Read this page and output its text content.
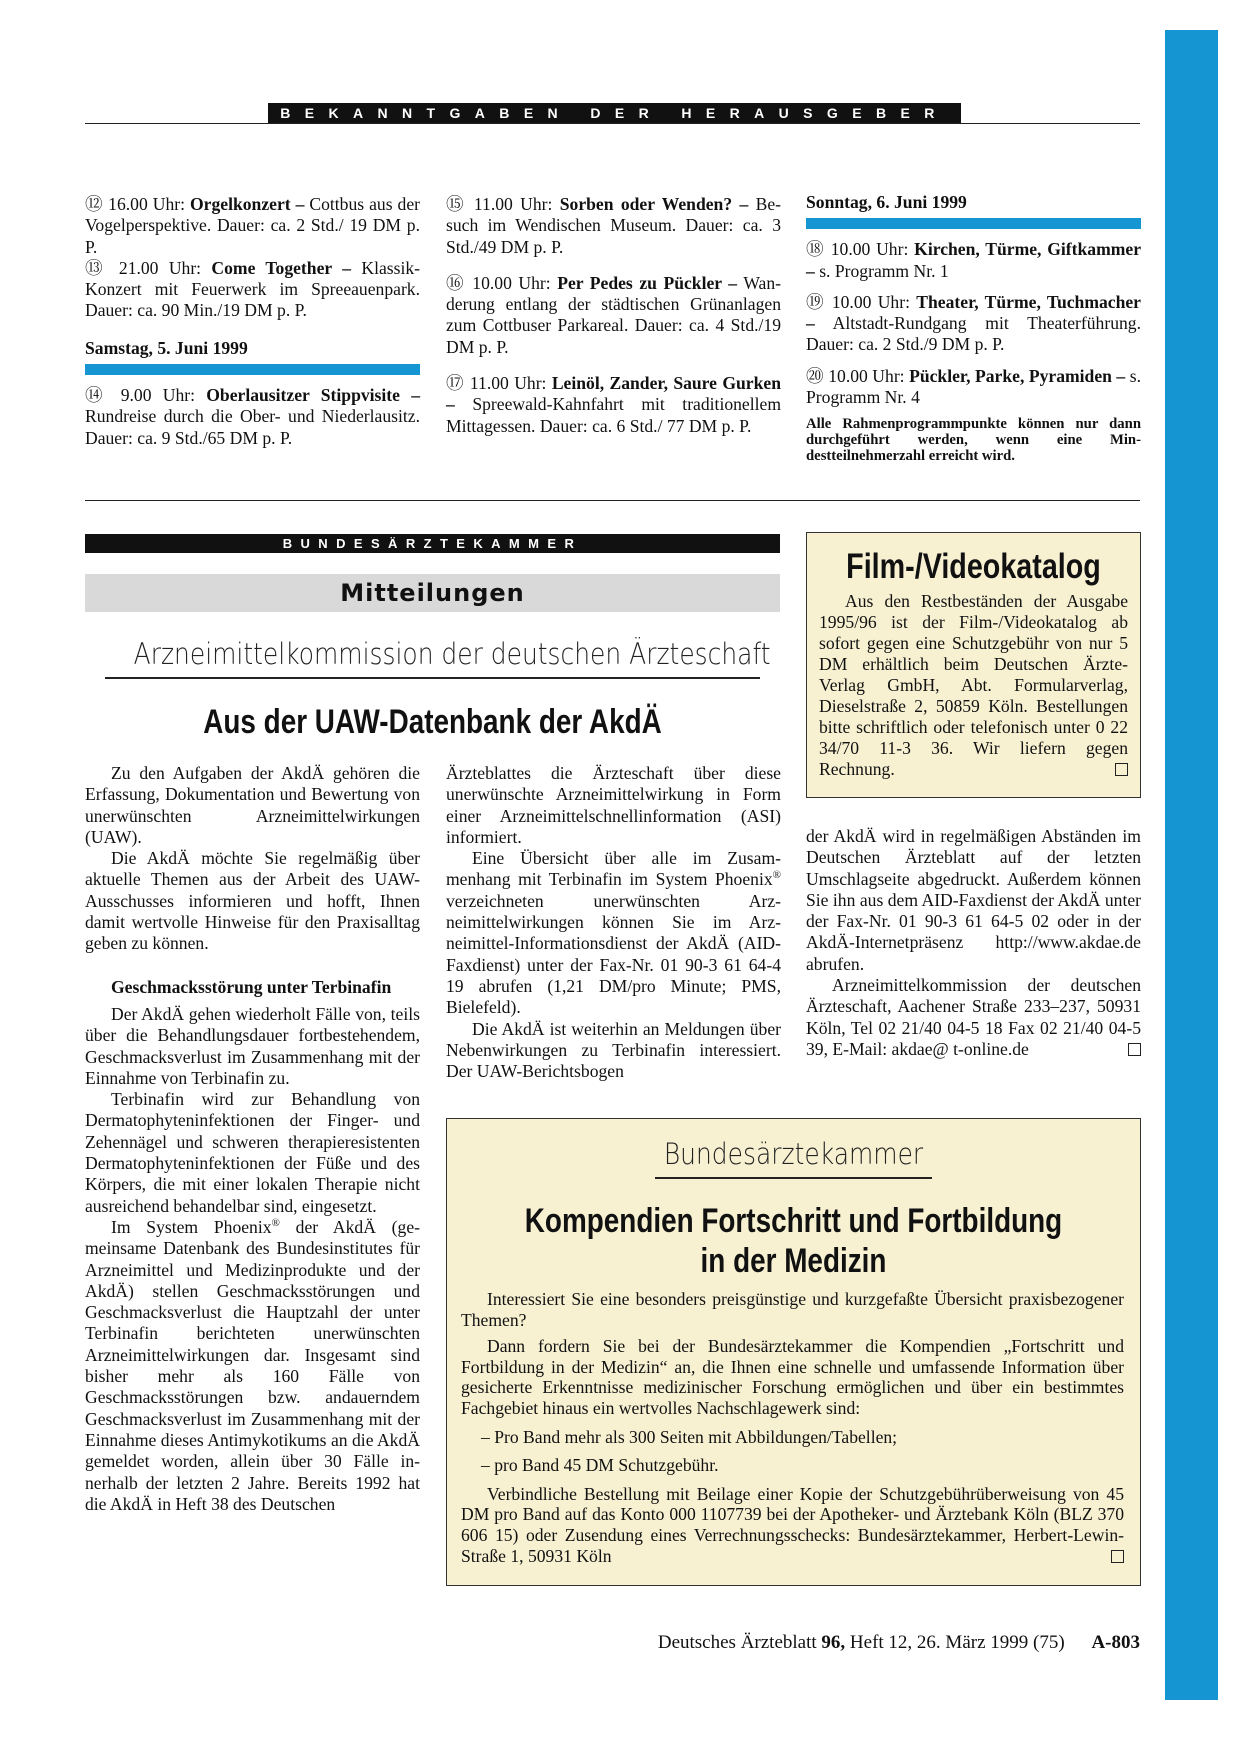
BEKANNTGABEN DER HERAUSGEBER

⑫ 16.00 Uhr: Orgelkonzert – Cottbus aus der Vogelperspektive. Dauer: ca. 2 Std./ 19 DM p. P.

⑬ 21.00 Uhr: Come Together – Klassik-Konzert mit Feuerwerk im Spreeauenpark. Dauer: ca. 90 Min./19 DM p. P.

Samstag, 5. Juni 1999

⑭ 9.00 Uhr: Oberlausitzer Stippvisite – Rundreise durch die Ober- und Niederlausitz. Dauer: ca. 9 Std./65 DM p. P.

⑮ 11.00 Uhr: Sorben oder Wenden? – Besuch im Wendischen Museum. Dauer: ca. 3 Std./49 DM p. P.

⑯ 10.00 Uhr: Per Pedes zu Pückler – Wanderung entlang der städtischen Grünanlagen zum Cottbuser Parkareal. Dauer: ca. 4 Std./19 DM p. P.

⑰ 11.00 Uhr: Leinöl, Zander, Saure Gurken – Spreewald-Kahnfahrt mit traditionellem Mittagessen. Dauer: ca. 6 Std./ 77 DM p. P.

Sonntag, 6. Juni 1999

⑱ 10.00 Uhr: Kirchen, Türme, Giftkammer – s. Programm Nr. 1

⑲ 10.00 Uhr: Theater, Türme, Tuchmacher – Altstadt-Rundgang mit Theaterführung. Dauer: ca. 2 Std./9 DM p. P.

⑳ 10.00 Uhr: Pückler, Parke, Pyramiden – s. Programm Nr. 4

Alle Rahmenprogrammpunkte können nur dann durchgeführt werden, wenn eine Mindestteilnehmerzahl erreicht wird.

BUNDESÄRZTEKAMMER
Mitteilungen
Arzneimittelkommission der deutschen Ärzteschaft
Aus der UAW-Datenbank der AkdÄ

Zu den Aufgaben der AkdÄ gehören die Erfassung, Dokumentation und Bewertung von unerwünschten Arzneimittelwirkungen (UAW).

Die AkdÄ möchte Sie regelmäßig über aktuelle Themen aus der Arbeit des UAW-Ausschusses informieren und hofft, Ihnen damit wertvolle Hinweise für den Praxisalltag geben zu können.

Geschmacksstörung unter Terbinafin

Der AkdÄ gehen wiederholt Fälle von, teils über die Behandlungsdauer fortbestehendem, Geschmacksverlust im Zusammenhang mit der Einnahme von Terbinafin zu.

Terbinafin wird zur Behandlung von Dermatophyteninfektionen der Finger- und Zehennägel und schweren therapieresistenten Dermatophyteninfektionen der Füße und des Körpers, die mit einer lokalen Therapie nicht ausreichend behandelbar sind, eingesetzt.

Im System Phoenix® der AkdÄ (gemeinsame Datenbank des Bundesinstitutes für Arzneimittel und Medizinprodukte und der AkdÄ) stellen Geschmacksstörungen und Geschmacksverlust die Hauptzahl der unter Terbinafin berichteten unerwünschten Arzneimittelwirkungen dar. Insgesamt sind bisher mehr als 160 Fälle von Geschmacksstörungen bzw. andauerndem Geschmacksverlust im Zusammenhang mit der Einnahme dieses Antimykotikums an die AkdÄ gemeldet worden, allein über 30 Fälle innerhalb der letzten 2 Jahre. Bereits 1992 hat die AkdÄ in Heft 38 des Deutschen

Ärzteblattes die Ärzteschaft über diese unerwünschte Arzneimittelwirkung in Form einer Arzneimittelschnellinformation (ASI) informiert.

Eine Übersicht über alle im Zusammenhang mit Terbinafin im System Phoenix® verzeichneten unerwünschten Arzneimittelwirkungen können Sie im Arzneimittel-Informationsdienst der AkdÄ (AID-Faxdienst) unter der Fax-Nr. 01 90-3 61 64-4 19 abrufen (1,21 DM/pro Minute; PMS, Bielefeld).

Die AkdÄ ist weiterhin an Meldungen über Nebenwirkungen zu Terbinafin interessiert. Der UAW-Berichtsbogen

Film-/Videokatalog
Aus den Restbeständen der Ausgabe 1995/96 ist der Film-/Videokatalog ab sofort gegen eine Schutzgebühr von nur 5 DM erhältlich beim Deutschen Ärzte-Verlag GmbH, Abt. Formularverlag, Dieselstraße 2, 50859 Köln. Bestellungen bitte schriftlich oder telefonisch unter 0 22 34/70 11-3 36. Wir liefern gegen Rechnung.

der AkdÄ wird in regelmäßigen Abständen im Deutschen Ärzteblatt auf der letzten Umschlagseite abgedruckt. Außerdem können Sie ihn aus dem AID-Faxdienst der AkdÄ unter der Fax-Nr. 01 90-3 61 64-5 02 oder in der AkdÄ-Internetpräsenz http://www.akdae.de abrufen.

Arzneimittelkommission der deutschen Ärzteschaft, Aachener Straße 233–237, 50931 Köln, Tel 02 21/40 04-5 18 Fax 02 21/40 04-5 39, E-Mail: akdae@ t-online.de

Bundesärztekammer
Kompendien Fortschritt und Fortbildung
in der Medizin

Interessiert Sie eine besonders preisgünstige und kurzgefaßte Übersicht praxisbezogener Themen?

Dann fordern Sie bei der Bundesärztekammer die Kompendien „Fortschritt und Fortbildung in der Medizin“ an, die Ihnen eine schnelle und umfassende Information über gesicherte Erkenntnisse medizinischer Forschung ermöglichen und über ein bestimmtes Fachgebiet hinaus ein wertvolles Nachschlagewerk sind:

– Pro Band mehr als 300 Seiten mit Abbildungen/Tabellen;

– pro Band 45 DM Schutzgebühr.

Verbindliche Bestellung mit Beilage einer Kopie der Schutzgebührüberweisung von 45 DM pro Band auf das Konto 000 1107739 bei der Apotheker- und Ärztebank Köln (BLZ 370 606 15) oder Zusendung eines Verrechnungsschecks: Bundesärztekammer, Herbert-Lewin-Straße 1, 50931 Köln

Deutsches Ärzteblatt 96, Heft 12, 26. März 1999 (75) A-803
